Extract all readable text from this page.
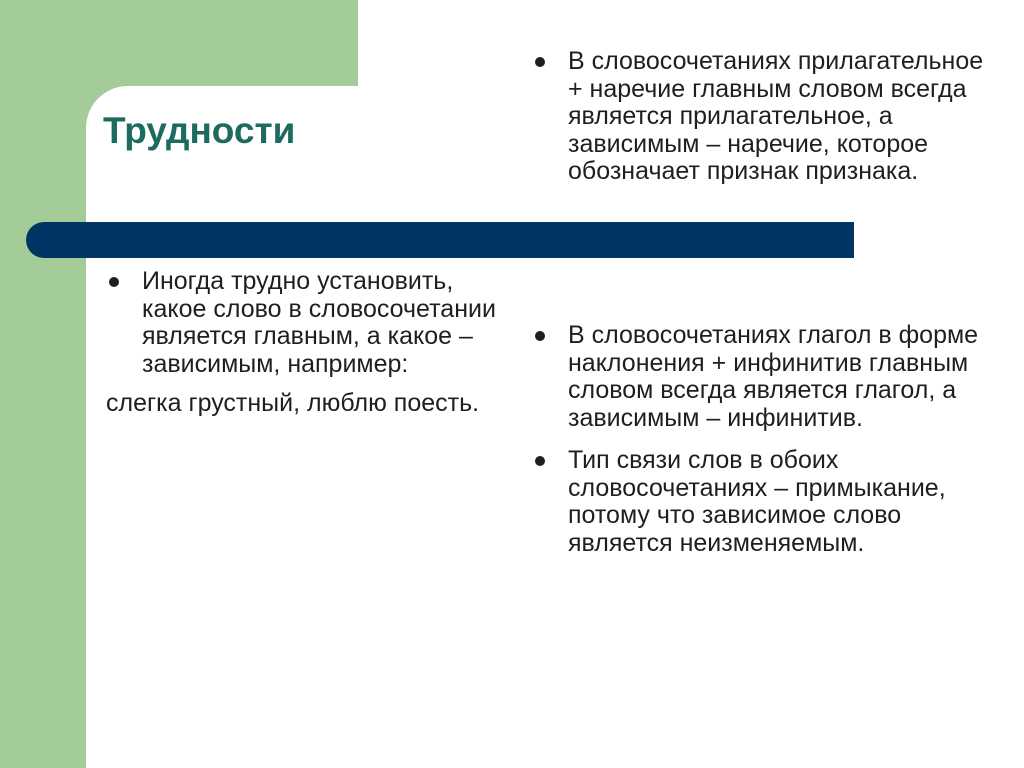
Трудности
В словосочетаниях прилагательное + наречие главным словом всегда является прилагательное, а зависимым – наречие, которое обозначает признак признака.
Иногда трудно установить, какое слово в словосочетании является главным, а какое – зависимым, например:
слегка грустный, люблю поесть.
В словосочетаниях глагол в форме наклонения + инфинитив главным словом всегда является глагол, а зависимым – инфинитив.
Тип связи слов в обоих словосочетаниях – примыкание, потому что зависимое слово является неизменяемым.
